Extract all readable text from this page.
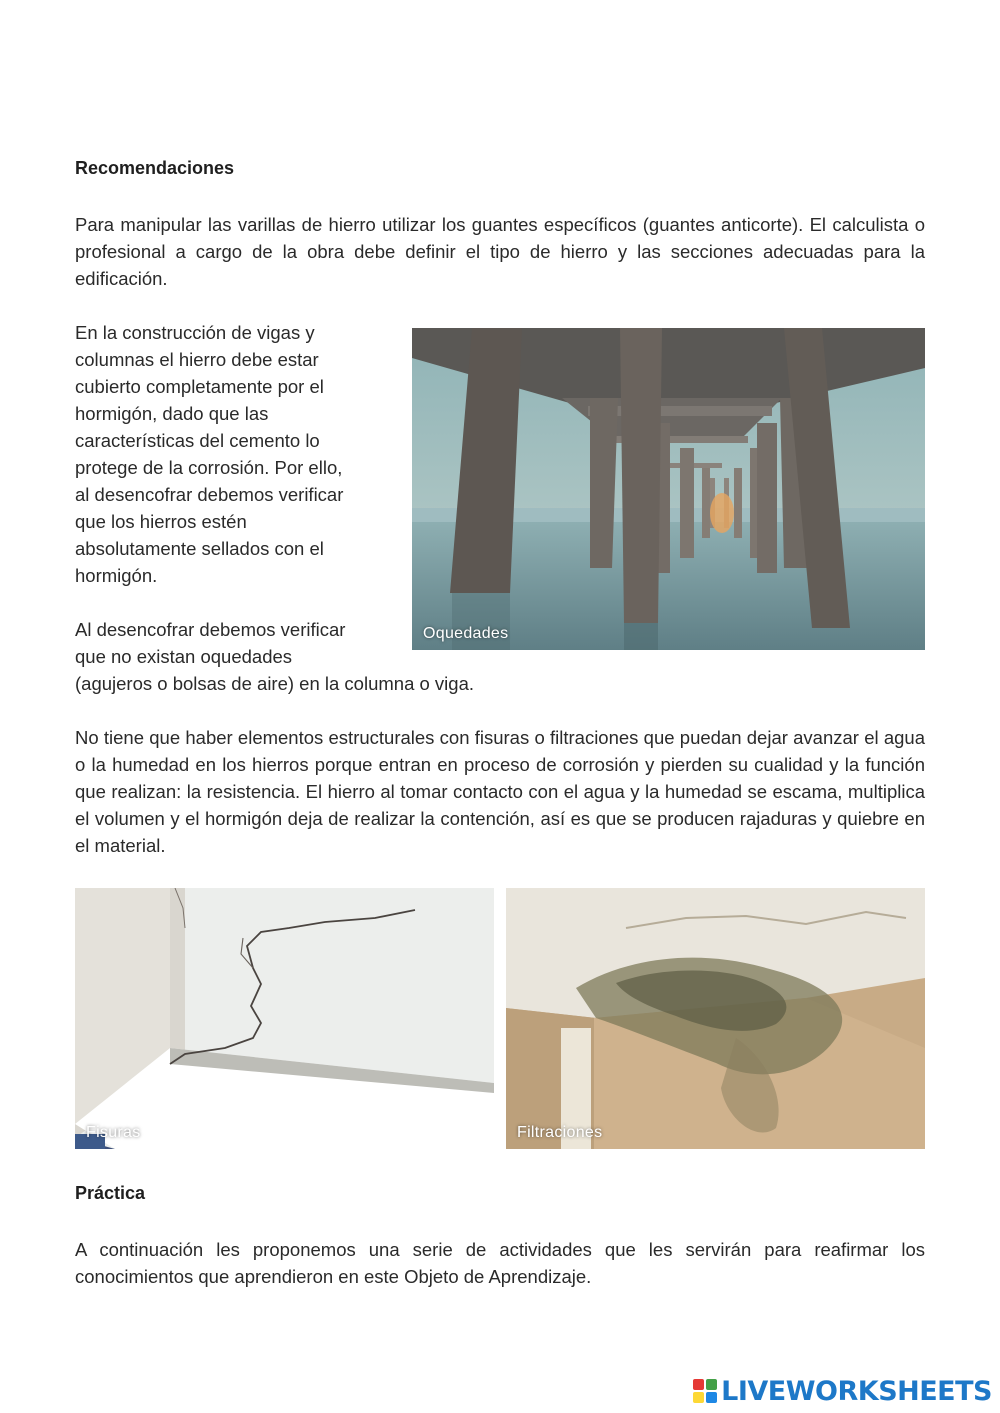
Recomendaciones
Para manipular las varillas de hierro utilizar los guantes específicos (guantes anticorte). El calculista o profesional a cargo de la obra debe definir el tipo de hierro y las secciones adecuadas para la edificación.
En la construcción de vigas y
columnas el hierro debe estar
cubierto completamente por el
hormigón, dado que las
características del cemento lo
protege de la corrosión. Por ello,
al desencofrar debemos verificar
que los hierros estén
absolutamente sellados con el
hormigón.
Al desencofrar debemos verificar
que no existan oquedades
(agujeros o bolsas de aire) en la columna o viga.
Oquedades
No tiene que haber elementos estructurales con fisuras o filtraciones que puedan dejar avanzar el agua o la humedad en los hierros porque entran en proceso de corrosión y pierden su cualidad y la función que realizan: la resistencia. El hierro al tomar contacto con el agua y la humedad se escama, multiplica el volumen y el hormigón deja de realizar la contención, así es que se producen rajaduras y quiebre en el material.
Fisuras	Filtraciones
Práctica
A continuación les proponemos una serie de actividades que les servirán para reafirmar los conocimientos que aprendieron en este Objeto de Aprendizaje.
LIVEWORKSHEETS
